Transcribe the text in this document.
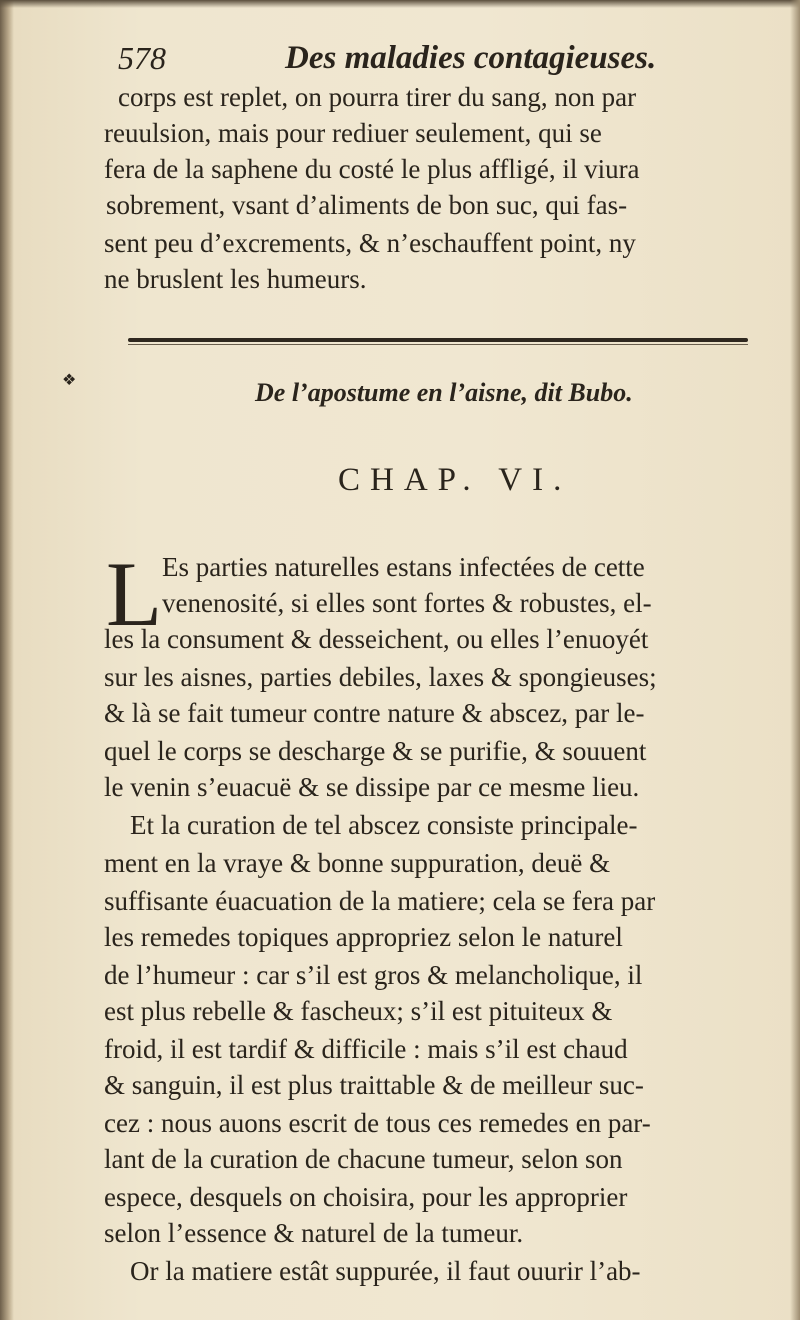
578	Des maladies contagieuses.
corps est replet, on pourra tirer du sang, non par
reuulsion, mais pour rediuer seulement, qui se
fera de la saphene du costé le plus affligé, il viura
sobrement, vsant d’aliments de bon suc, qui fas-
sent peu d’excrements, & n’eschauffent point, ny
ne bruslent les humeurs.
❖	De l’apostume en l’aisne, dit Bubo.
CHAP. VI.
L Es parties naturelles estans infectées de cette
venenosité, si elles sont fortes & robustes, el-
les la consument & desseichent, ou elles l’enuoyét
sur les aisnes, parties debiles, laxes & spongieuses;
& là se fait tumeur contre nature & abscez, par le-
quel le corps se descharge & se purifie, & souuent
le venin s’euacuë & se dissipe par ce mesme lieu.
Et la curation de tel abscez consiste principale-
ment en la vraye & bonne suppuration, deuë &
suffisante éuacuation de la matiere; cela se fera par
les remedes topiques appropriez selon le naturel
de l’humeur : car s’il est gros & melancholique, il
est plus rebelle & fascheux; s’il est pituiteux &
froid, il est tardif & difficile : mais s’il est chaud
& sanguin, il est plus traittable & de meilleur suc-
cez : nous auons escrit de tous ces remedes en par-
lant de la curation de chacune tumeur, selon son
espece, desquels on choisira, pour les approprier
selon l’essence & naturel de la tumeur.
Or la matiere estât suppurée, il faut ouurir l’ab-
